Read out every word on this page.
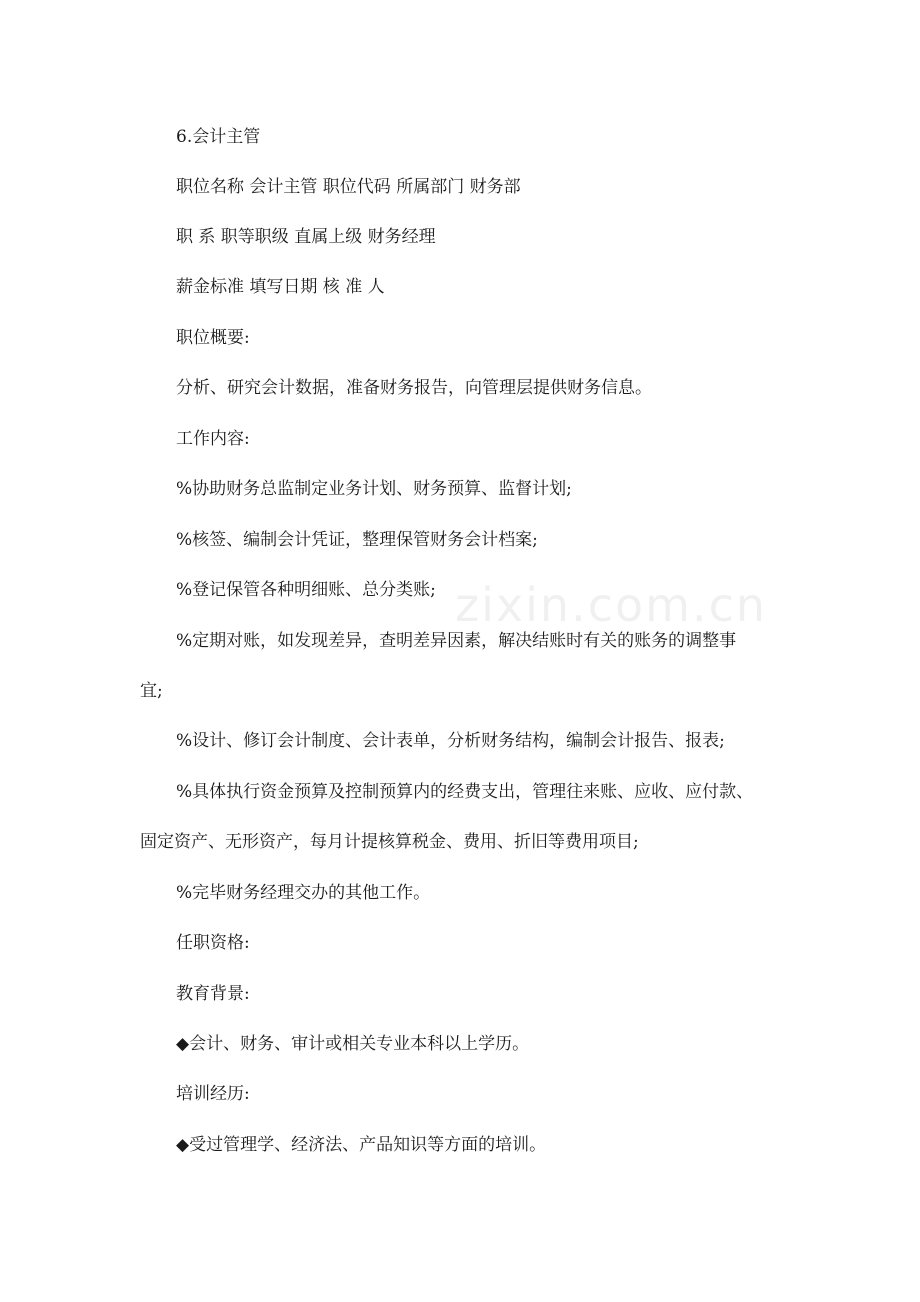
zixin.com.cn
6.会计主管
职位名称 会计主管 职位代码 所属部门 财务部
职 系 职等职级 直属上级 财务经理
薪金标准 填写日期 核 准 人
职位概要:
分析、研究会计数据，准备财务报告，向管理层提供财务信息。
工作内容:
%协助财务总监制定业务计划、财务预算、监督计划;
%核签、编制会计凭证，整理保管财务会计档案;
%登记保管各种明细账、总分类账;
%定期对账，如发现差异，查明差异因素，解决结账时有关的账务的调整事
宜;
%设计、修订会计制度、会计表单，分析财务结构，编制会计报告、报表;
%具体执行资金预算及控制预算内的经费支出，管理往来账、应收、应付款、
固定资产、无形资产，每月计提核算税金、费用、折旧等费用项目;
%完毕财务经理交办的其他工作。
任职资格:
教育背景:
◆会计、财务、审计或相关专业本科以上学历。
培训经历:
◆受过管理学、经济法、产品知识等方面的培训。
